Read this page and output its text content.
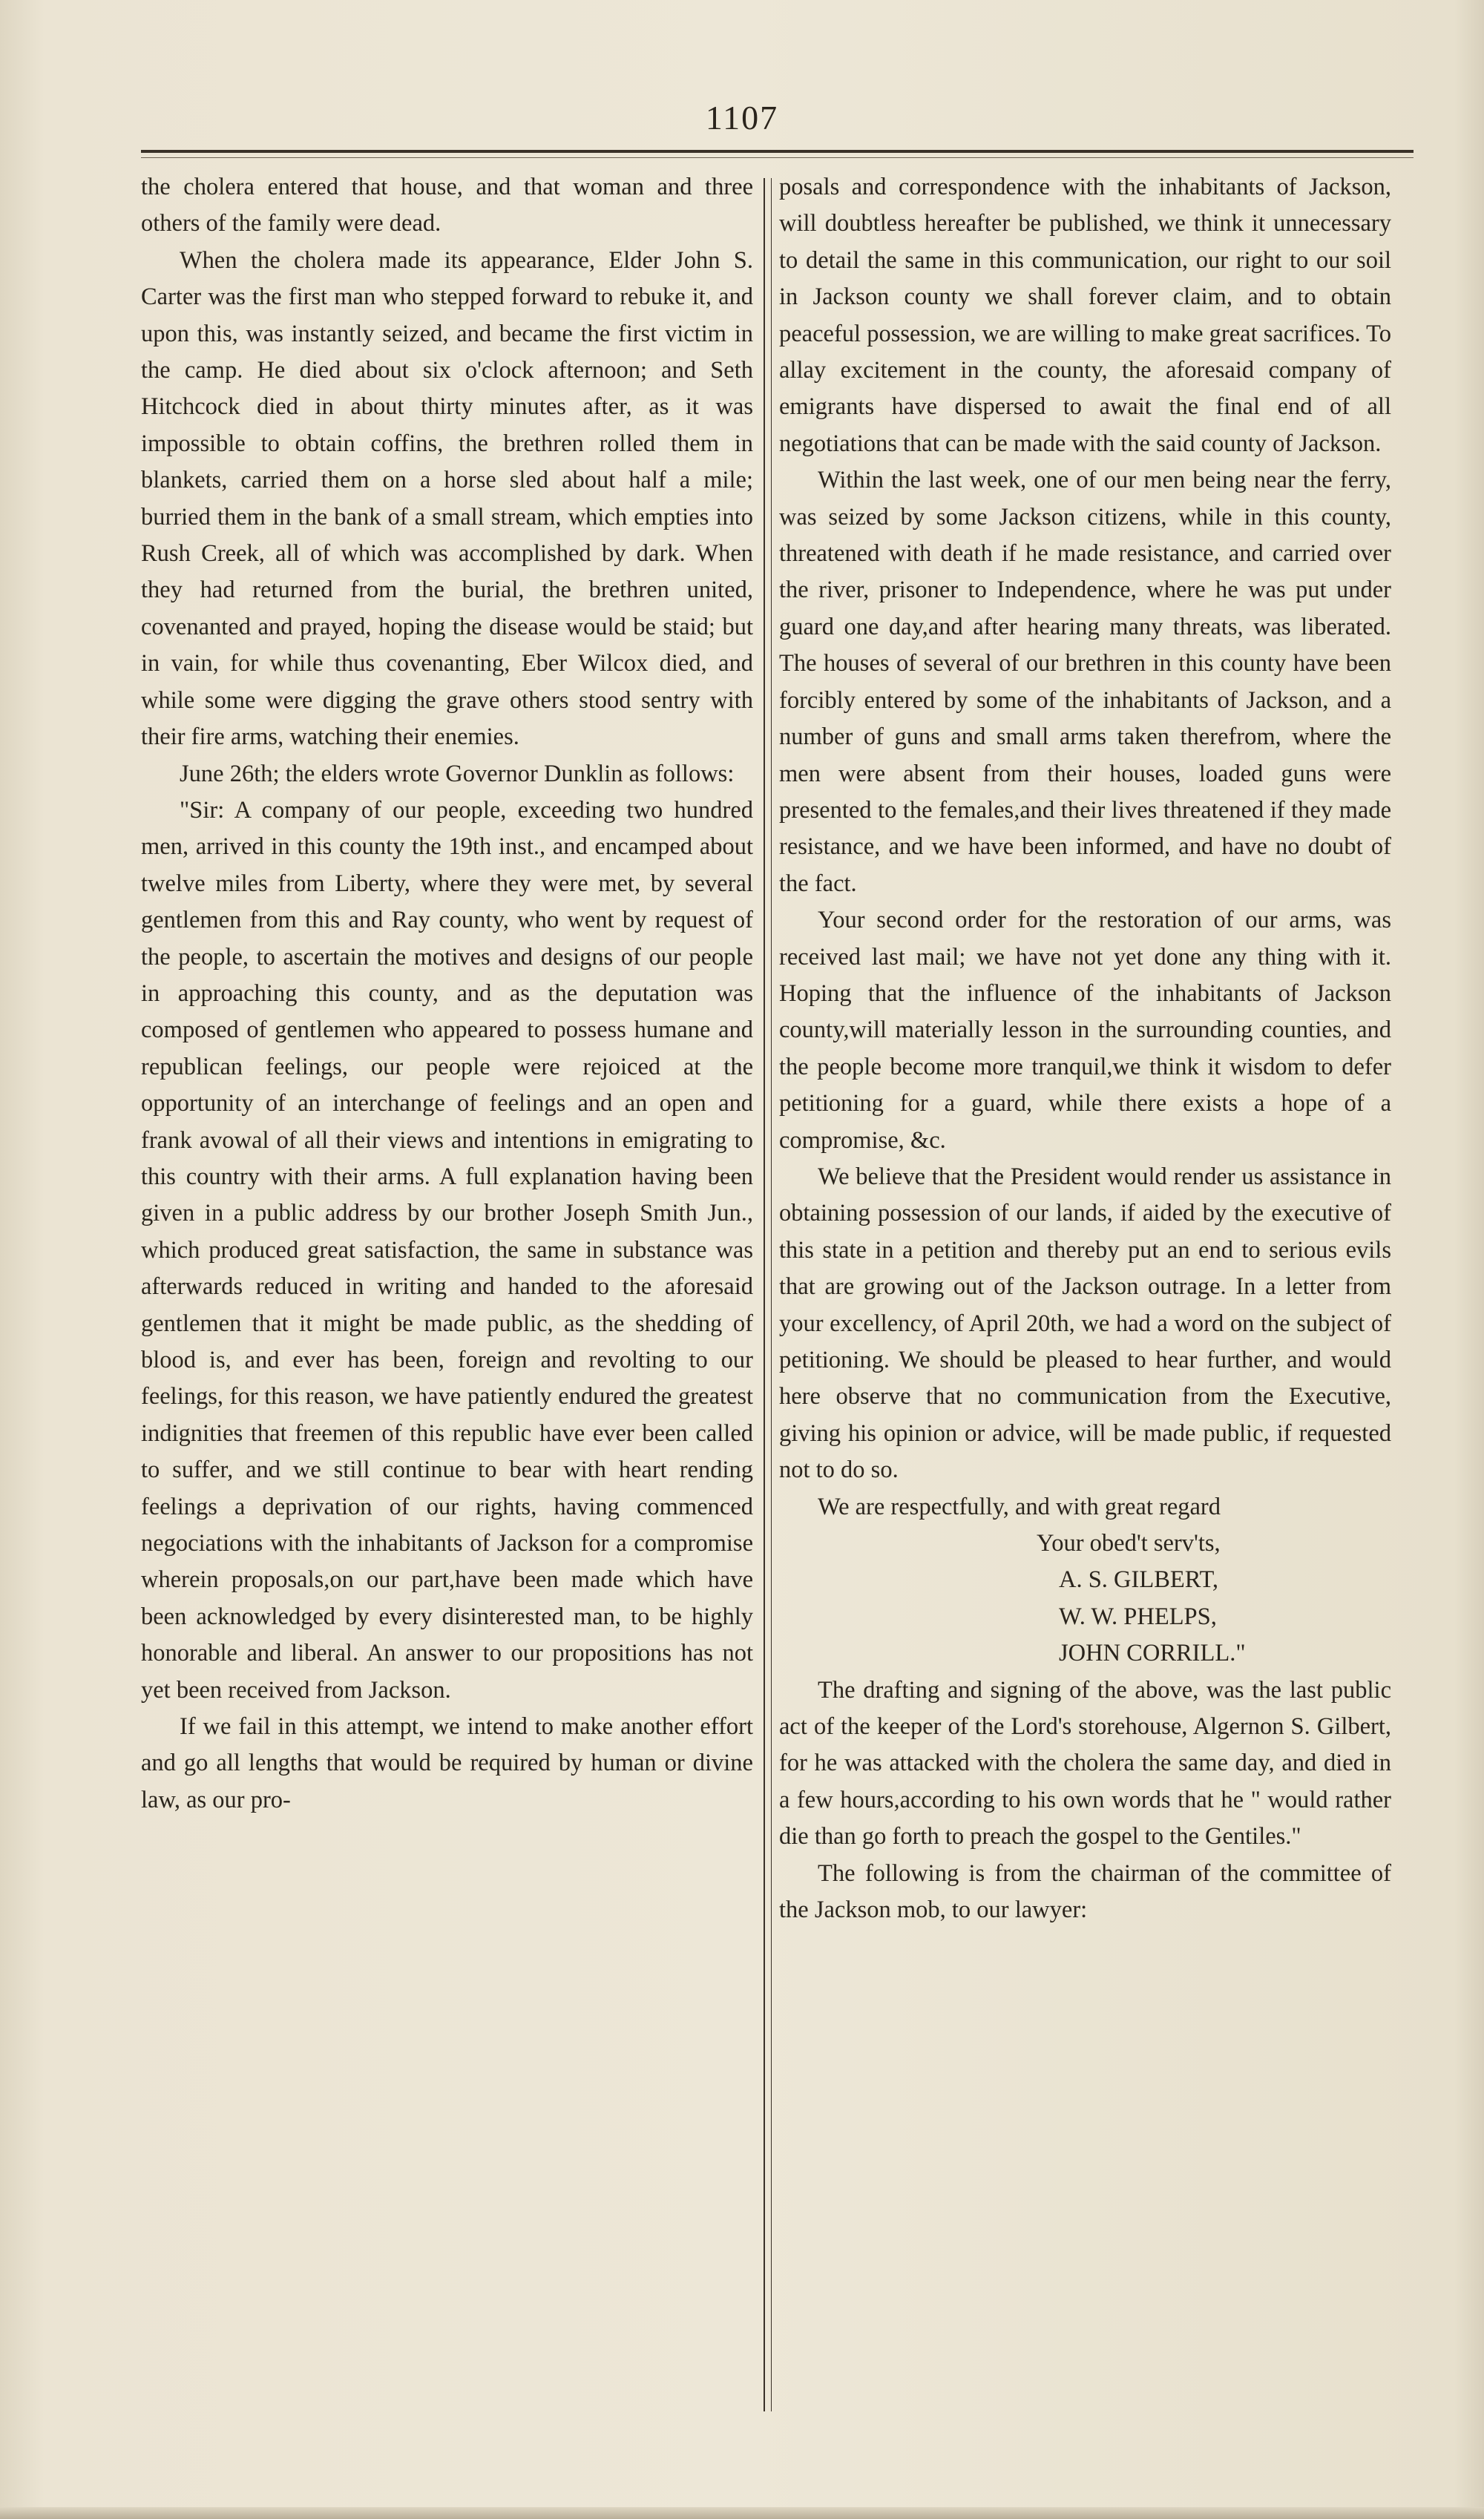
1107

the cholera entered that house, and that woman and three others of the family were dead.

When the cholera made its appearance, Elder John S. Carter was the first man who stepped forward to rebuke it, and upon this, was instantly seized, and became the first victim in the camp. He died about six o'clock afternoon; and Seth Hitchcock died in about thirty minutes after, as it was impossible to obtain coffins, the brethren rolled them in blankets, carried them on a horse sled about half a mile; burried them in the bank of a small stream, which empties into Rush Creek, all of which was accomplished by dark. When they had returned from the burial, the brethren united, covenanted and prayed, hoping the disease would be staid; but in vain, for while thus covenanting, Eber Wilcox died, and while some were digging the grave others stood sentry with their fire arms, watching their enemies.

June 26th; the elders wrote Governor Dunklin as follows:

"Sir: A company of our people, exceeding two hundred men, arrived in this county the 19th inst., and encamped about twelve miles from Liberty, where they were met, by several gentlemen from this and Ray county, who went by request of the people, to ascertain the motives and designs of our people in approaching this county, and as the deputation was composed of gentlemen who appeared to possess humane and republican feelings, our people were rejoiced at the opportunity of an interchange of feelings and an open and frank avowal of all their views and intentions in emigrating to this country with their arms. A full explanation having been given in a public address by our brother Joseph Smith Jun., which produced great satisfaction, the same in substance was afterwards reduced in writing and handed to the aforesaid gentlemen that it might be made public, as the shedding of blood is, and ever has been, foreign and revolting to our feelings, for this reason, we have patiently endured the greatest indignities that freemen of this republic have ever been called to suffer, and we still continue to bear with heart rending feelings a deprivation of our rights, having commenced negociations with the inhabitants of Jackson for a compromise wherein proposals,on our part,have been made which have been acknowledged by every disinterested man, to be highly honorable and liberal. An answer to our propositions has not yet been received from Jackson.

If we fail in this attempt, we intend to make another effort and go all lengths that would be required by human or divine law, as our pro-

posals and correspondence with the inhabitants of Jackson, will doubtless hereafter be published, we think it unnecessary to detail the same in this communication, our right to our soil in Jackson county we shall forever claim, and to obtain peaceful possession, we are willing to make great sacrifices. To allay excitement in the county, the aforesaid company of emigrants have dispersed to await the final end of all negotiations that can be made with the said county of Jackson.

Within the last week, one of our men being near the ferry, was seized by some Jackson citizens, while in this county, threatened with death if he made resistance, and carried over the river, prisoner to Independence, where he was put under guard one day,and after hearing many threats, was liberated. The houses of several of our brethren in this county have been forcibly entered by some of the inhabitants of Jackson, and a number of guns and small arms taken therefrom, where the men were absent from their houses, loaded guns were presented to the females,and their lives threatened if they made resistance, and we have been informed, and have no doubt of the fact.

Your second order for the restoration of our arms, was received last mail; we have not yet done any thing with it. Hoping that the influence of the inhabitants of Jackson county,will materially lesson in the surrounding counties, and the people become more tranquil,we think it wisdom to defer petitioning for a guard, while there exists a hope of a compromise, &c.

We believe that the President would render us assistance in obtaining possession of our lands, if aided by the executive of this state in a petition and thereby put an end to serious evils that are growing out of the Jackson outrage. In a letter from your excellency, of April 20th, we had a word on the subject of petitioning. We should be pleased to hear further, and would here observe that no communication from the Executive, giving his opinion or advice, will be made public, if requested not to do so.

We are respectfully, and with great regard

Your obed't serv'ts,

A. S. GILBERT,

W. W. PHELPS,

JOHN CORRILL."

The drafting and signing of the above, was the last public act of the keeper of the Lord's storehouse, Algernon S. Gilbert, for he was attacked with the cholera the same day, and died in a few hours,according to his own words that he " would rather die than go forth to preach the gospel to the Gentiles."

The following is from the chairman of the committee of the Jackson mob, to our lawyer:
